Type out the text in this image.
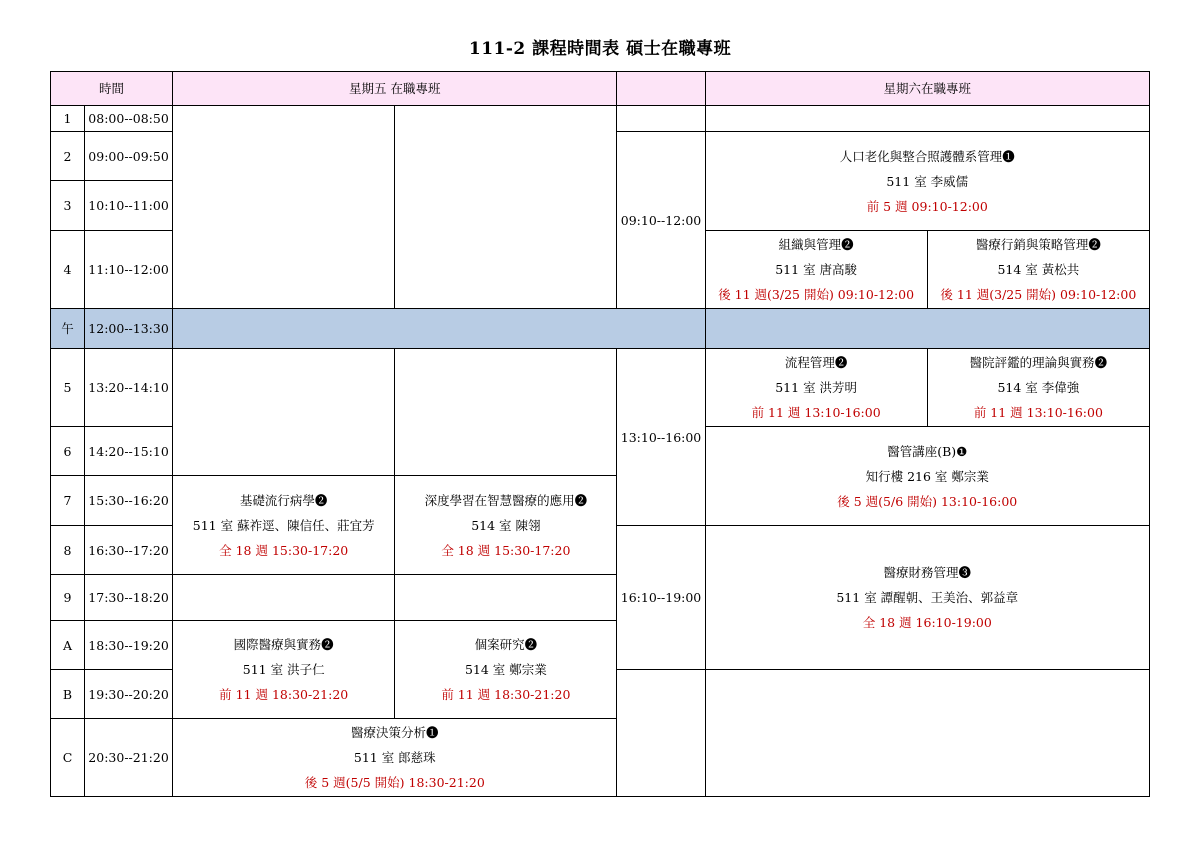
111-2 課程時間表 碩士在職專班
時間		星期五 在職專班			星期六在職專班	
1	08:00--08:50					
2	09:00--09:50			09:10--12:00	人口老化與整合照護體系管理❶
511 室 李威儒
前 5 週 09:10-12:00	

3	10:10--11:00					
4	11:10--12:00				組織與管理❷
511 室 唐高駿
後 11 週(3/25 開始) 09:10-12:00	醫療行銷與策略管理❷
514 室 黃松共
後 11 週(3/25 開始) 09:10-12:00

午	12:00--13:30					
5	13:20--14:10			13:10--16:00	流程管理❷
511 室 洪芳明
前 11 週 13:10-16:00	醫院評鑑的理論與實務❷
514 室 李偉強
前 11 週 13:10-16:00

6	14:20--15:10				醫管講座(B)❶
知行樓 216 室 鄭宗業
後 5 週(5/6 開始) 13:10-16:00	

7	15:30--16:20	基礎流行病學❷
511 室 蘇祚逕、陳信任、莊宜芳
全 18 週 15:30-17:20	深度學習在智慧醫療的應用❷
514 室 陳翎
全 18 週 15:30-17:20			

8	16:30--17:20			16:10--19:00	醫療財務管理❸
511 室 譚醒朝、王美治、郭益章
全 18 週 16:10-19:00	

9	17:30--18:20					
A	18:30--19:20	國際醫療與實務❷
511 室 洪子仁
前 11 週 18:30-21:20	個案研究❷
514 室 鄭宗業
前 11 週 18:30-21:20			

B	19:30--20:20					
C	20:30--21:20	醫療決策分析❶
511 室 郎慈珠
後 5 週(5/5 開始) 18:30-21:20				
